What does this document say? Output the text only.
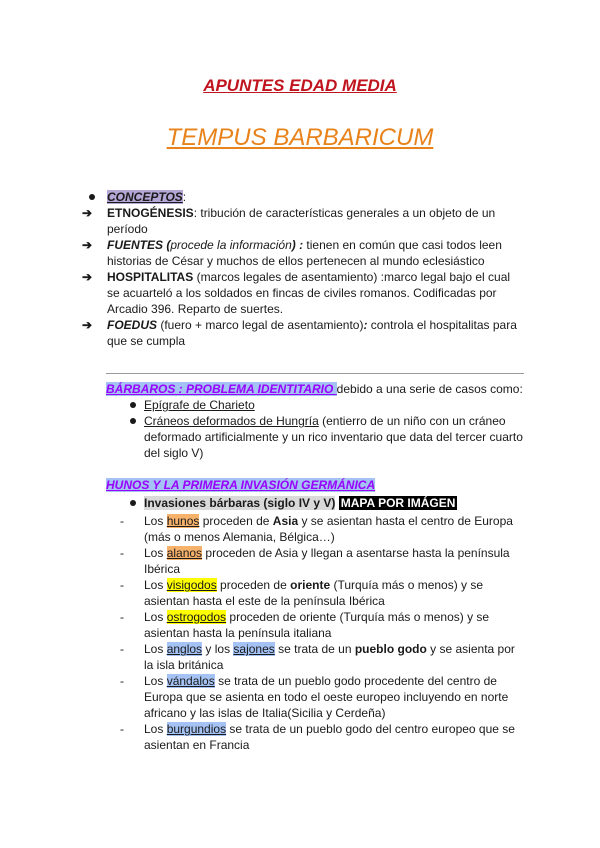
APUNTES EDAD MEDIA
TEMPUS BARBARICUM
CONCEPTOS:
➔	ETNOGÉNESIS: tribución de características generales a un objeto de un período
➔	FUENTES (procede la información) : tienen en común que casi todos leen historias de César y muchos de ellos pertenecen al mundo eclesiástico
➔	HOSPITALITAS (marcos legales de asentamiento) :marco legal bajo el cual se acuarteló a los soldados en fincas de civiles romanos. Codificadas por Arcadio 396. Reparto de suertes.
➔	FOEDUS (fuero + marco legal de asentamiento): controla el hospitalitas para que se cumpla
BÁRBAROS : PROBLEMA IDENTITARIO debido a una serie de casos como:
Epígrafe de Charieto
Cráneos deformados de Hungría (entierro de un niño con un cráneo deformado artificialmente y un rico inventario que data del tercer cuarto del siglo V)
HUNOS Y LA PRIMERA INVASIÓN GERMÁNICA
Invasiones bárbaras (siglo IV y V) MAPA POR IMÁGEN
- Los hunos proceden de Asia y se asientan hasta el centro de Europa (más o menos Alemania, Bélgica…)
- Los alanos proceden de Asia y llegan a asentarse hasta la península Ibérica
- Los visigodos proceden de oriente (Turquía más o menos) y se asientan hasta el este de la península Ibérica
- Los ostrogodos proceden de oriente (Turquía más o menos) y se asientan hasta la península italiana
- Los anglos y los sajones se trata de un pueblo godo y se asienta por la isla británica
- Los vándalos se trata de un pueblo godo procedente del centro de Europa que se asienta en todo el oeste europeo incluyendo en norte africano y las islas de Italia(Sicilia y Cerdeña)
- Los burgundios se trata de un pueblo godo del centro europeo que se asientan en Francia
